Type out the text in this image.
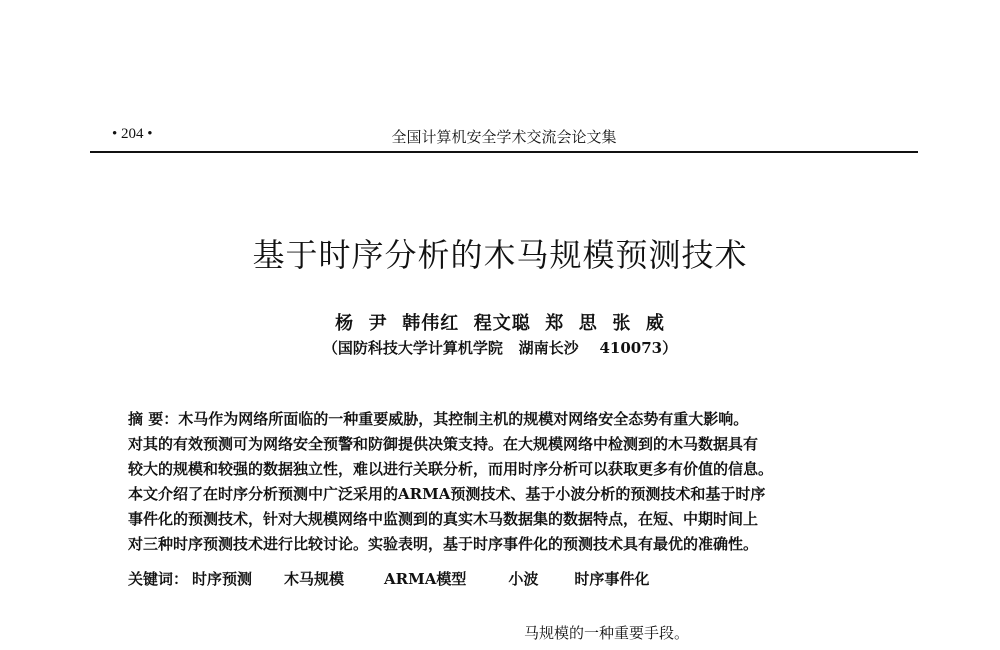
• 204 •	全国计算机安全学术交流会论文集
基于时序分析的木马规模预测技术
杨  尹  韩伟红  程文聪  郑  思  张  威
（国防科技大学计算机学院   湖南长沙    410073）
摘 要：木马作为网络所面临的一种重要威胁，其控制主机的规模对网络安全态势有重大影响。
对其的有效预测可为网络安全预警和防御提供决策支持。在大规模网络中检测到的木马数据具有
较大的规模和较强的数据独立性，难以进行关联分析，而用时序分析可以获取更多有价值的信息。
本文介绍了在时序分析预测中广泛采用的ARMA预测技术、基于小波分析的预测技术和基于时序
事件化的预测技术，针对大规模网络中监测到的真实木马数据集的数据特点，在短、中期时间上
对三种时序预测技术进行比较讨论。实验表明，基于时序事件化的预测技术具有最优的准确性。
关键词： 时序预测 木马规模	ARMA模型	小波 时序事件化
马规模的一种重要手段。
